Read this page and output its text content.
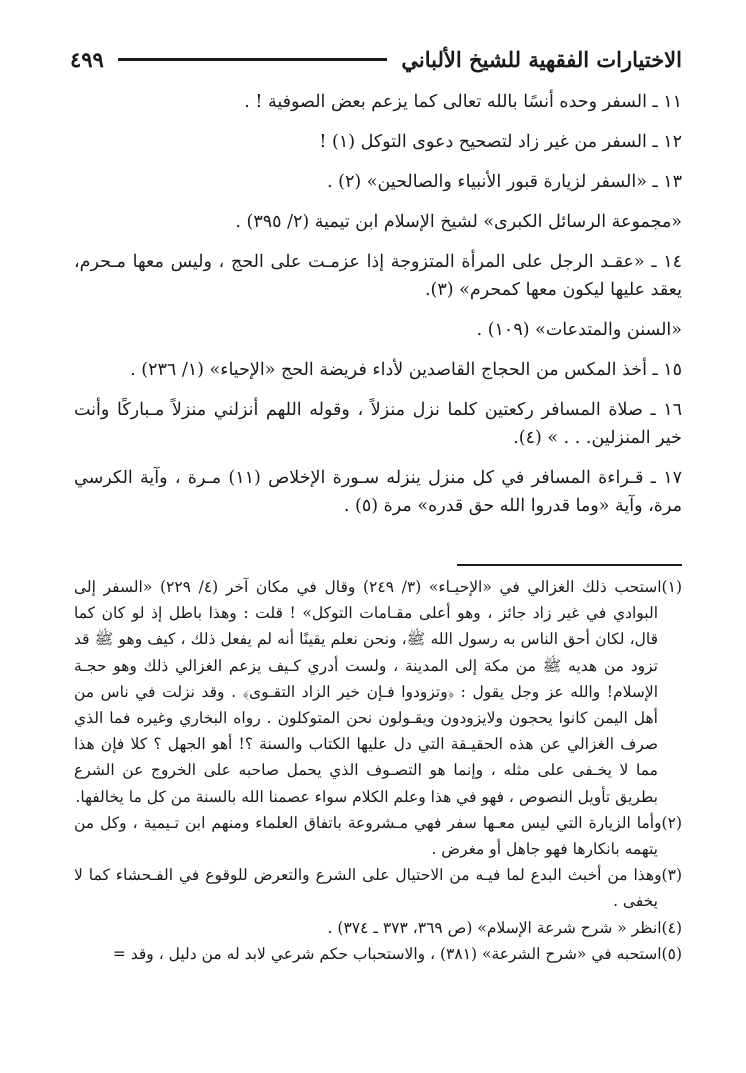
الاختيارات الفقهية للشيخ الألباني
٤٩٩

١١ ـ السفر وحده أنسًا بالله تعالى كما يزعم بعض الصوفية ! .

١٢ ـ السفر من غير زاد لتصحيح دعوى التوكل (١) !

١٣ ـ «السفر لزيارة قبور الأنبياء والصالحين» (٢) .

«مجموعة الرسائل الكبرى» لشيخ الإسلام ابن تيمية (٢/ ٣٩٥) .

١٤ ـ «عقـد الرجل على المرأة المتزوجة إذا عزمـت على الحج ، وليس معها مـحرم، يعقد عليها ليكون معها كمحرم» (٣).

«السنن والمتدعات» (١٠٩) .

١٥ ـ أخذ المكس من الحجاج القاصدين لأداء فريضة الحج «الإحياء» (١/ ٢٣٦) .

١٦ ـ صلاة المسافر ركعتين كلما نزل منزلاً ، وقوله اللهم أنزلني منزلاً مـباركًا وأنت خير المنزلين. . . » (٤).

١٧ ـ قـراءة المسافر في كل منزل ينزله سـورة الإخلاص (١١) مـرة ، وآية الكرسي مرة، وآية «وما قدروا الله حق قدره» مرة (٥) .

(١)استحب ذلك الغزالي في «الإحيـاء» (٣/ ٢٤٩) وقال في مكان آخر (٤/ ٢٢٩) «السفر إلى البوادي في غير زاد جائز ، وهو أعلى مقـامات التوكل» ! قلت : وهذا باطل إذ لو كان كما قال، لكان أحق الناس به رسول الله ﷺ، ونحن نعلم يقينًا أنه لم يفعل ذلك ، كيف وهو ﷺ قد تزود من هديه ﷺ من مكة إلى المدينة ، ولست أدري كـيف يزعم الغزالي ذلك وهو حجـة الإسلام! والله عز وجل يقول : ﴿وتزودوا فـإن خير الزاد التقـوى﴾ . وقد نزلت في ناس من أهل اليمن كانوا يحجون ولايزودون ويقـولون نحن المتوكلون . رواه البخاري وغيره فما الذي صرف الغزالي عن هذه الحقيـقة التي دل عليها الكتاب والسنة ؟! أهو الجهل ؟ كلا فإن هذا مما لا يخـفى على مثله ، وإنما هو التصـوف الذي يحمل صاحبه على الخروج عن الشرع بطريق تأويل النصوص ، فهو في هذا وعلم الكلام سواء عصمنا الله بالسنة من كل ما يخالفها.

(٢)وأما الزيارة التي ليس معـها سفر فهي مـشروعة باتفاق العلماء ومنهم ابن تـيمية ، وكل من يتهمه بانكارها فهو جاهل أو مغرض .

(٣)وهذا من أخبث البدع لما فيـه من الاحتيال على الشرع والتعرض للوقوع في الفـحشاء كما لا يخفى .

(٤)انظر « شرح شرعة الإسلام» (ص ٣٦٩، ٣٧٣ ـ ٣٧٤) .

(٥)استحبه في «شرح الشرعة» (٣٨١) ، والاستحباب حكم شرعي لابد له من دليل ، وقد =
